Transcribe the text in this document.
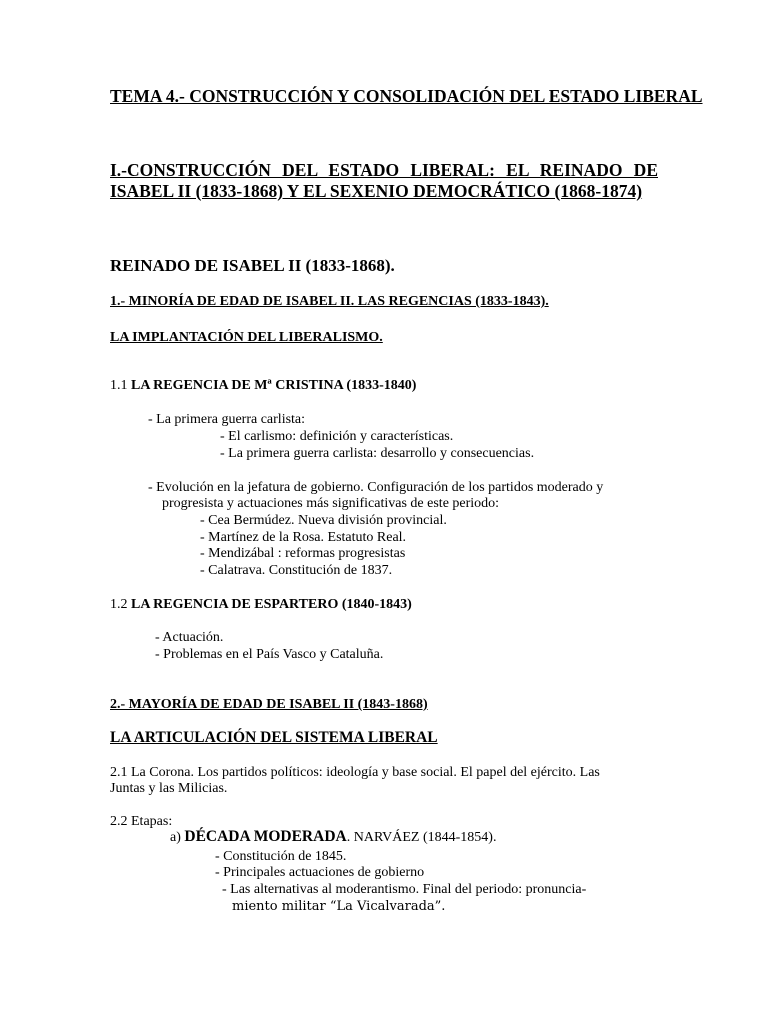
TEMA 4.- CONSTRUCCIÓN Y CONSOLIDACIÓN DEL ESTADO LIBERAL
I.-CONSTRUCCIÓN DEL ESTADO LIBERAL: EL REINADO DE ISABEL II (1833-1868) Y EL SEXENIO DEMOCRÁTICO (1868-1874)
REINADO DE ISABEL II (1833-1868).
1.- MINORÍA DE EDAD DE ISABEL II. LAS REGENCIAS (1833-1843).
LA IMPLANTACIÓN DEL LIBERALISMO.
1.1 LA REGENCIA DE Mª CRISTINA (1833-1840)
- La primera guerra carlista:
- El carlismo: definición y características.
- La primera guerra carlista: desarrollo y consecuencias.
- Evolución en la jefatura de gobierno. Configuración de los partidos moderado y
progresista y actuaciones más significativas de este periodo:
- Cea Bermúdez. Nueva división provincial.
- Martínez de la Rosa. Estatuto Real.
- Mendizábal : reformas progresistas
- Calatrava. Constitución de 1837.
1.2 LA REGENCIA DE ESPARTERO (1840-1843)
- Actuación.
- Problemas en el País Vasco y Cataluña.
2.- MAYORÍA DE EDAD DE ISABEL II (1843-1868)
LA ARTICULACIÓN DEL SISTEMA LIBERAL
2.1 La Corona. Los partidos políticos: ideología y base social. El papel del ejército. Las
Juntas y las Milicias.
2.2 Etapas:
a) DÉCADA MODERADA. NARVÁEZ (1844-1854).
- Constitución de 1845.
- Principales actuaciones de gobierno
- Las alternativas al moderantismo. Final del periodo: pronuncia-
miento militar “La Vicalvarada”.
